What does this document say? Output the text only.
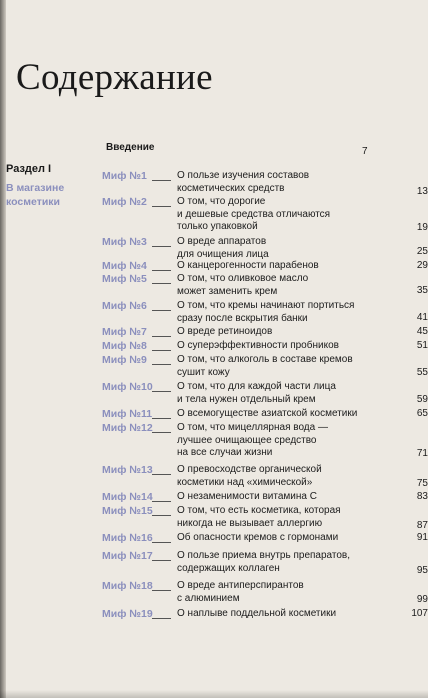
Содержание
Введение	7
Раздел I
В магазине
косметики
Миф №1	О пользе изучения составов
косметических средств	13
Миф №2	О том, что дорогие
и дешевые средства отличаются
только упаковкой	19
Миф №3	О вреде аппаратов
для очищения лица	25
Миф №4	О канцерогенности парабенов	29
Миф №5	О том, что оливковое масло
может заменить крем	35
Миф №6	О том, что кремы начинают портиться
сразу после вскрытия банки	41
Миф №7	О вреде ретиноидов	45
Миф №8	О суперэффективности пробников	51
Миф №9	О том, что алкоголь в составе кремов
сушит кожу	55
Миф №10 О том, что для каждой части лица
и тела нужен отдельный крем	59
Миф №11 О всемогуществе азиатской косметики	65
Миф №12 О том, что мицеллярная вода —
лучшее очищающее средство
на все случаи жизни	71
Миф №13 О превосходстве органической
косметики над «химической»	75
Миф №14 О незаменимости витамина С	83
Миф №15 О том, что есть косметика, которая
никогда не вызывает аллергию	87
Миф №16 Об опасности кремов с гормонами	91
Миф №17 О пользе приема внутрь препаратов,
содержащих коллаген	95
Миф №18 О вреде антиперспирантов
с алюминием	99
Миф №19 О наплыве поддельной косметики	107
